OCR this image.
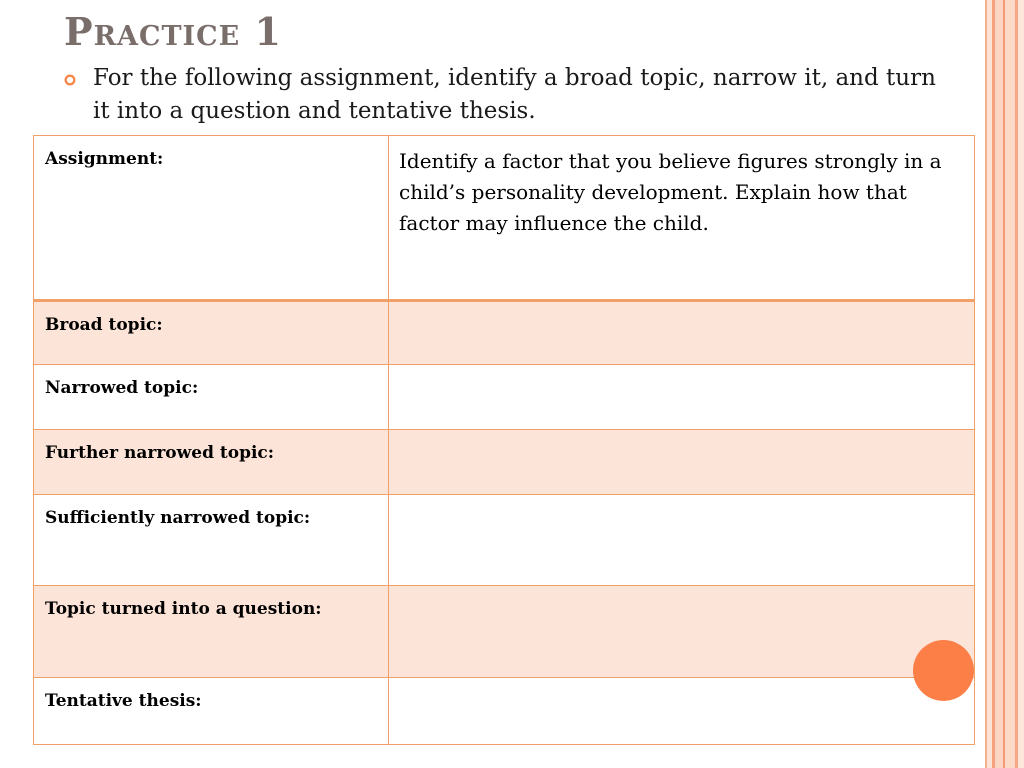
Practice 1

For the following assignment, identify a broad topic, narrow it, and turn it into a question and tentative thesis.

Assignment:	Identify a factor that you believe figures strongly in a child’s personality development. Explain how that factor may influence the child.
Broad topic:	
Narrowed topic:	
Further narrowed topic:	
Sufficiently narrowed topic:	
Topic turned into a question:	
Tentative thesis:	
